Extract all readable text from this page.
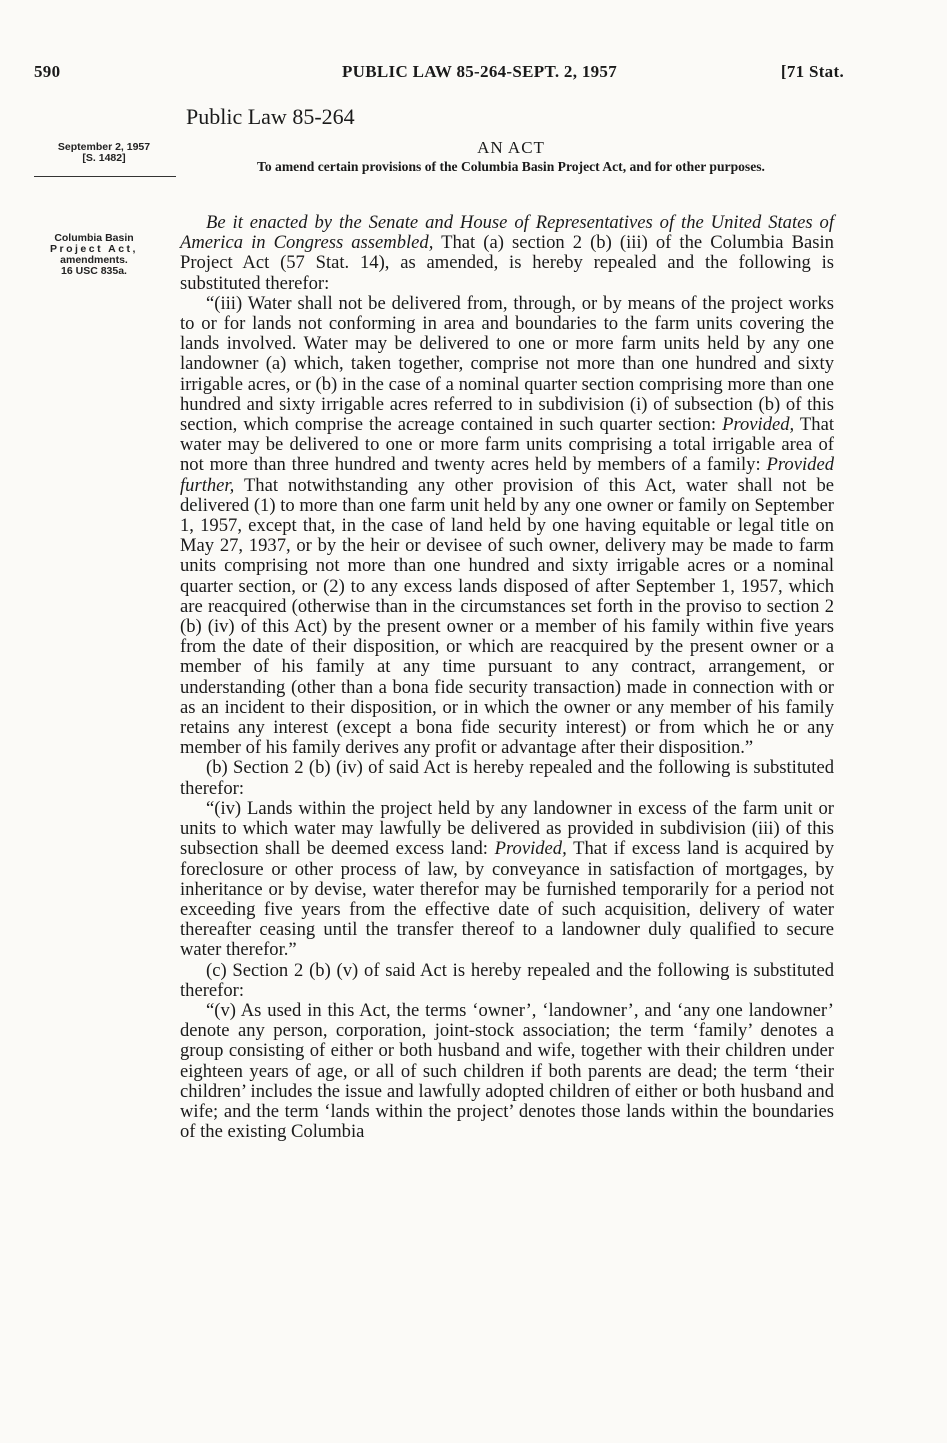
590	PUBLIC LAW 85-264-SEPT. 2, 1957	[71 Stat.
Public Law 85-264
September 2, 1957
[S. 1482]
Columbia Basin
Project Act,
amendments.
16 USC 835a.
AN ACT
To amend certain provisions of the Columbia Basin Project Act, and for other purposes.

Be it enacted by the Senate and House of Representatives of the United States of America in Congress assembled, That (a) section 2 (b) (iii) of the Columbia Basin Project Act (57 Stat. 14), as amended, is hereby repealed and the following is substituted therefor:

“(iii) Water shall not be delivered from, through, or by means of the project works to or for lands not conforming in area and boundaries to the farm units covering the lands involved. Water may be delivered to one or more farm units held by any one landowner (a) which, taken together, comprise not more than one hundred and sixty irrigable acres, or (b) in the case of a nominal quarter section comprising more than one hundred and sixty irrigable acres referred to in subdivision (i) of subsection (b) of this section, which comprise the acreage contained in such quarter section: Provided, That water may be delivered to one or more farm units comprising a total irrigable area of not more than three hundred and twenty acres held by members of a family: Provided further, That notwithstanding any other provision of this Act, water shall not be delivered (1) to more than one farm unit held by any one owner or family on September 1, 1957, except that, in the case of land held by one having equitable or legal title on May 27, 1937, or by the heir or devisee of such owner, delivery may be made to farm units comprising not more than one hundred and sixty irrigable acres or a nominal quarter section, or (2) to any excess lands disposed of after September 1, 1957, which are reacquired (otherwise than in the circumstances set forth in the proviso to section 2 (b) (iv) of this Act) by the present owner or a member of his family within five years from the date of their disposition, or which are reacquired by the present owner or a member of his family at any time pursuant to any contract, arrangement, or understanding (other than a bona fide security transaction) made in connection with or as an incident to their disposition, or in which the owner or any member of his family retains any interest (except a bona fide security interest) or from which he or any member of his family derives any profit or advantage after their disposition.”

(b) Section 2 (b) (iv) of said Act is hereby repealed and the following is substituted therefor:

“(iv) Lands within the project held by any landowner in excess of the farm unit or units to which water may lawfully be delivered as provided in subdivision (iii) of this subsection shall be deemed excess land: Provided, That if excess land is acquired by foreclosure or other process of law, by conveyance in satisfaction of mortgages, by inheritance or by devise, water therefor may be furnished temporarily for a period not exceeding five years from the effective date of such acquisition, delivery of water thereafter ceasing until the transfer thereof to a landowner duly qualified to secure water therefor.”

(c) Section 2 (b) (v) of said Act is hereby repealed and the following is substituted therefor:

“(v) As used in this Act, the terms ‘owner’, ‘landowner’, and ‘any one landowner’ denote any person, corporation, joint-stock association; the term ‘family’ denotes a group consisting of either or both husband and wife, together with their children under eighteen years of age, or all of such children if both parents are dead; the term ‘their children’ includes the issue and lawfully adopted children of either or both husband and wife; and the term ‘lands within the project’ denotes those lands within the boundaries of the existing Columbia
